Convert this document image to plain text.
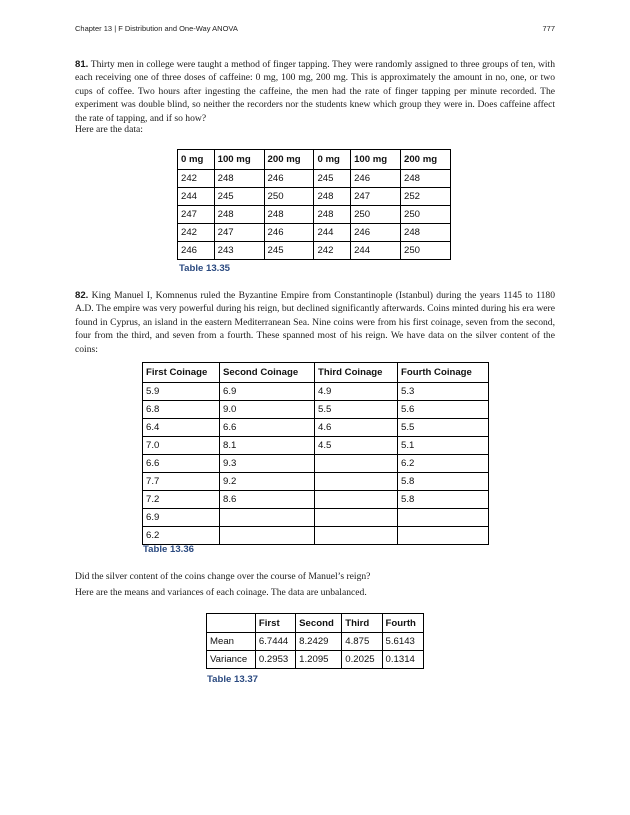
Chapter 13 | F Distribution and One-Way ANOVA	777
81. Thirty men in college were taught a method of finger tapping. They were randomly assigned to three groups of ten, with each receiving one of three doses of caffeine: 0 mg, 100 mg, 200 mg. This is approximately the amount in no, one, or two cups of coffee. Two hours after ingesting the caffeine, the men had the rate of finger tapping per minute recorded. The experiment was double blind, so neither the recorders nor the students knew which group they were in. Does caffeine affect the rate of tapping, and if so how?
Here are the data:
0 mg	100 mg	200 mg	0 mg	100 mg	200 mg
242	248	246	245	246	248
244	245	250	248	247	252
247	248	248	248	250	250
242	247	246	244	246	248
246	243	245	242	244	250
Table 13.35
82. King Manuel I, Komnenus ruled the Byzantine Empire from Constantinople (Istanbul) during the years 1145 to 1180 A.D. The empire was very powerful during his reign, but declined significantly afterwards. Coins minted during his era were found in Cyprus, an island in the eastern Mediterranean Sea. Nine coins were from his first coinage, seven from the second, four from the third, and seven from a fourth. These spanned most of his reign. We have data on the silver content of the coins:
First Coinage	Second Coinage	Third Coinage	Fourth Coinage
5.9	6.9	4.9	5.3
6.8	9.0	5.5	5.6
6.4	6.6	4.6	5.5
7.0	8.1	4.5	5.1
6.6	9.3		6.2
7.7	9.2		5.8
7.2	8.6		5.8
6.9			
6.2			
Table 13.36
Did the silver content of the coins change over the course of Manuel’s reign?
Here are the means and variances of each coinage. The data are unbalanced.
	First	Second	Third	Fourth
Mean	6.7444	8.2429	4.875	5.6143
Variance	0.2953	1.2095	0.2025	0.1314
Table 13.37
